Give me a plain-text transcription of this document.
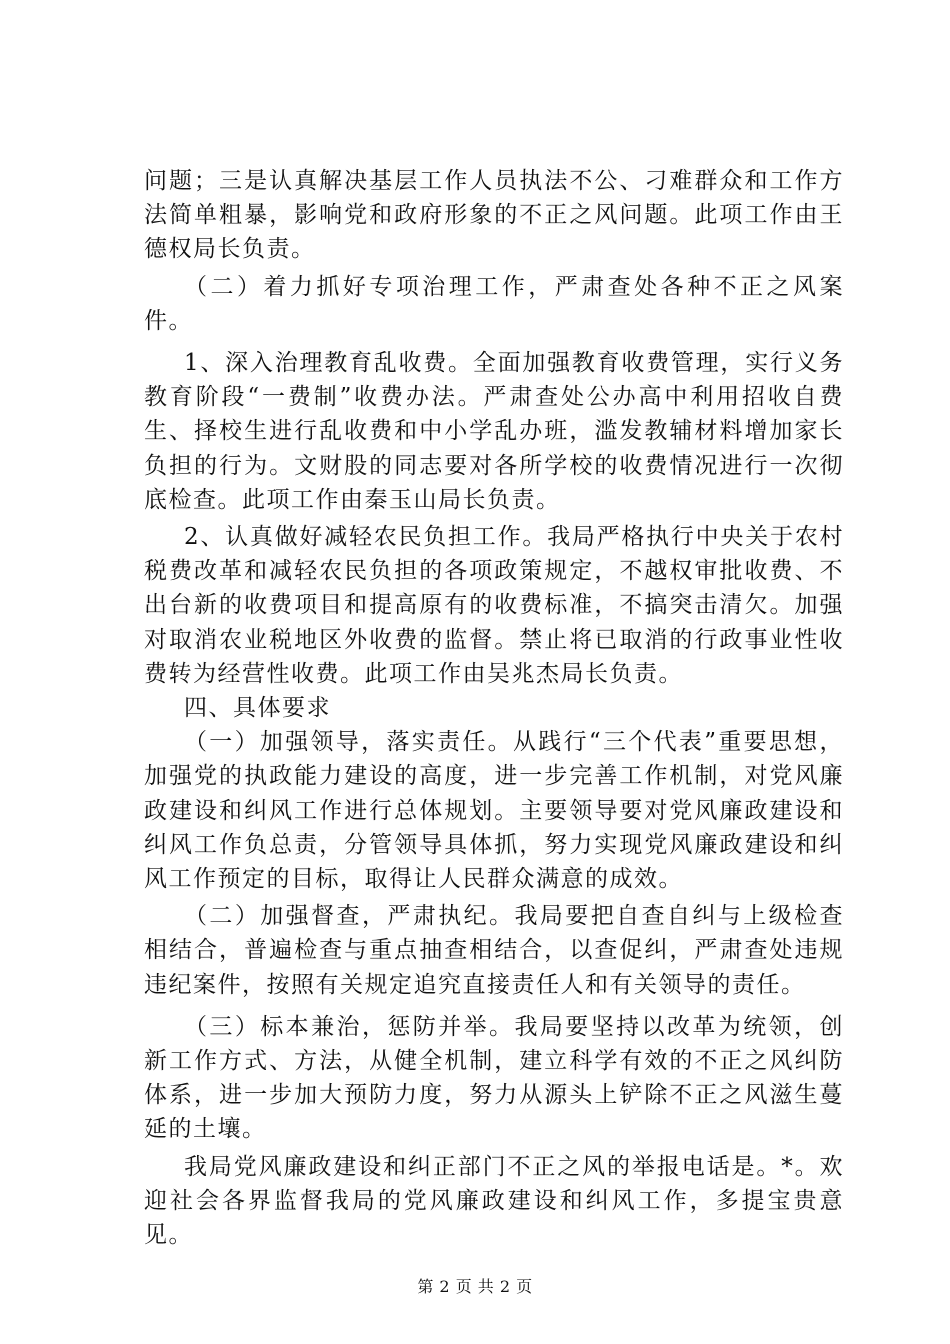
问题；三是认真解决基层工作人员执法不公、刁难群众和工作方法简单粗暴，影响党和政府形象的不正之风问题。此项工作由王德权局长负责。

（二）着力抓好专项治理工作，严肃查处各种不正之风案件。

1、深入治理教育乱收费。全面加强教育收费管理，实行义务教育阶段“一费制”收费办法。严肃查处公办高中利用招收自费生、择校生进行乱收费和中小学乱办班，滥发教辅材料增加家长负担的行为。文财股的同志要对各所学校的收费情况进行一次彻底检查。此项工作由秦玉山局长负责。

2、认真做好减轻农民负担工作。我局严格执行中央关于农村税费改革和减轻农民负担的各项政策规定，不越权审批收费、不出台新的收费项目和提高原有的收费标准，不搞突击清欠。加强对取消农业税地区外收费的监督。禁止将已取消的行政事业性收费转为经营性收费。此项工作由吴兆杰局长负责。

四、具体要求

（一）加强领导，落实责任。从践行“三个代表”重要思想，加强党的执政能力建设的高度，进一步完善工作机制，对党风廉政建设和纠风工作进行总体规划。主要领导要对党风廉政建设和纠风工作负总责，分管领导具体抓，努力实现党风廉政建设和纠风工作预定的目标，取得让人民群众满意的成效。

（二）加强督查，严肃执纪。我局要把自查自纠与上级检查相结合，普遍检查与重点抽查相结合，以查促纠，严肃查处违规违纪案件，按照有关规定追究直接责任人和有关领导的责任。

（三）标本兼治，惩防并举。我局要坚持以改革为统领，创新工作方式、方法，从健全机制，建立科学有效的不正之风纠防体系，进一步加大预防力度，努力从源头上铲除不正之风滋生蔓延的土壤。

我局党风廉政建设和纠正部门不正之风的举报电话是。*。欢迎社会各界监督我局的党风廉政建设和纠风工作，多提宝贵意见。

第 2 页 共 2 页
